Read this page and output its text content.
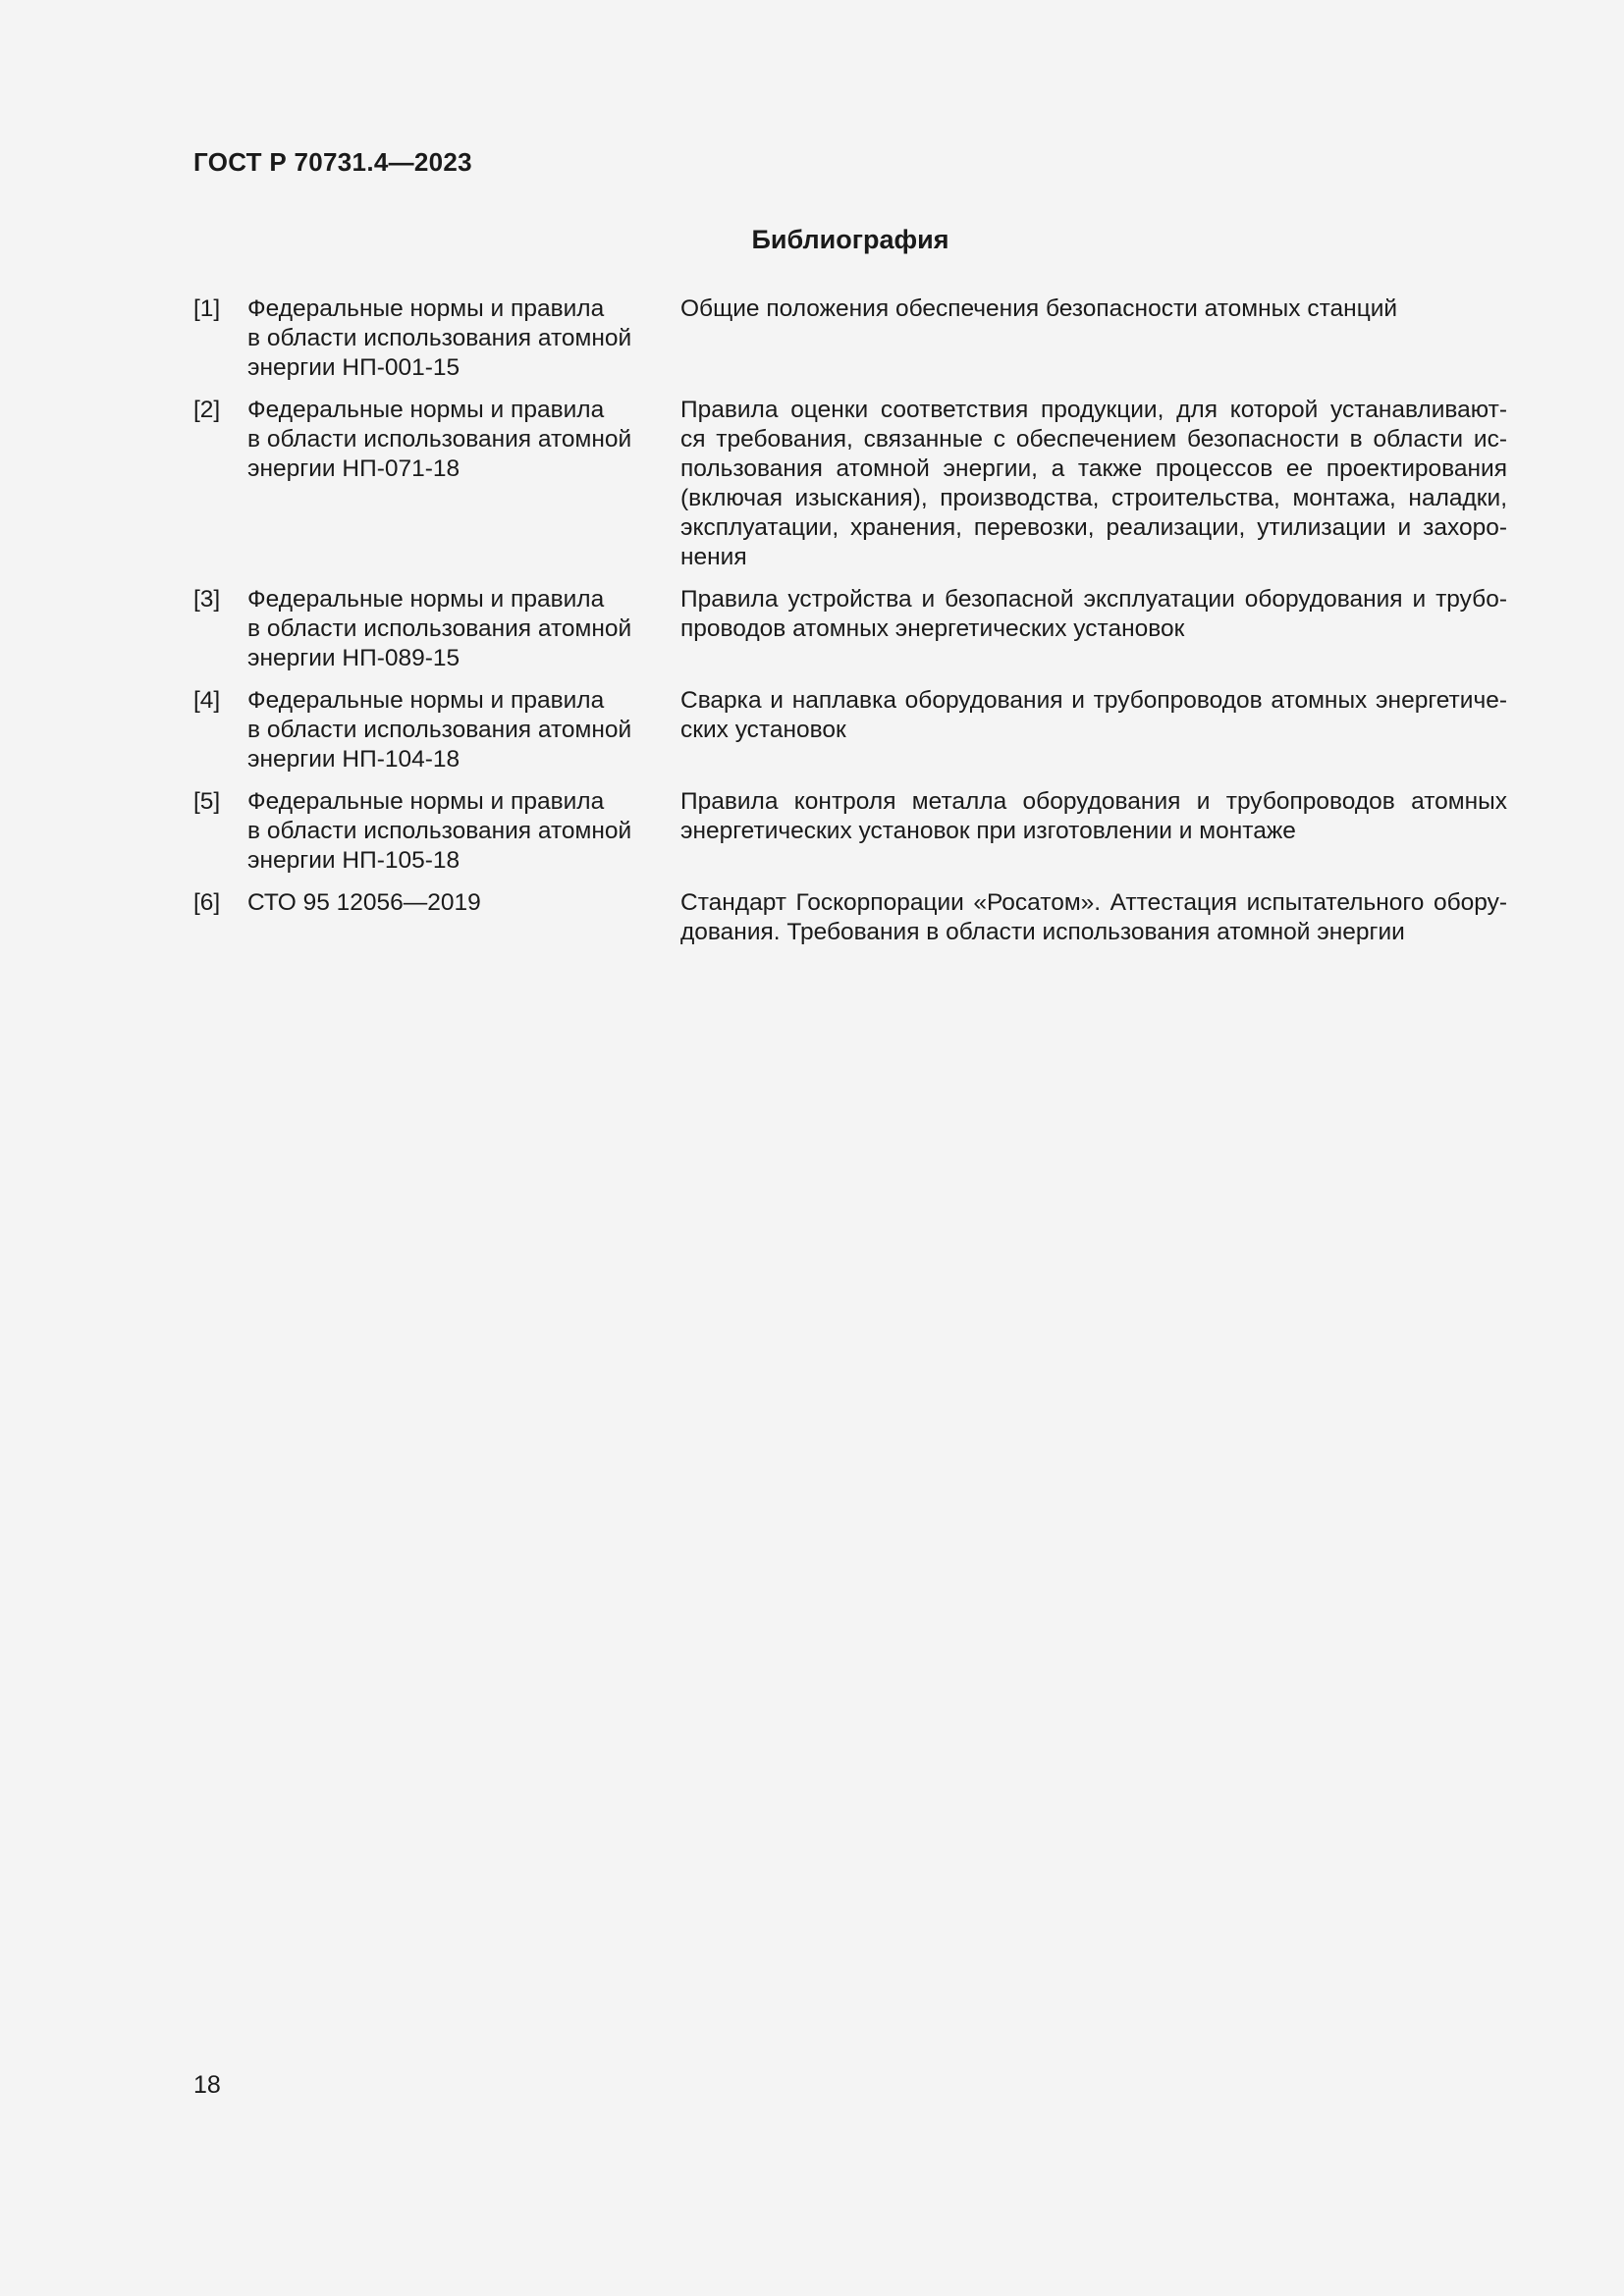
ГОСТ Р 70731.4—2023
Библиография
[1] Федеральные нормы и правила
в области использования атомной
энергии НП-001-15
Общие положения обеспечения безопасности атомных станций
[2] Федеральные нормы и правила
в области использования атомной
энергии НП-071-18
Правила оценки соответствия продукции, для которой устанавливают-
ся требования, связанные с обеспечением безопасности в области ис-
пользования атомной энергии, а также процессов ее проектирования
(включая изыскания), производства, строительства, монтажа, наладки,
эксплуатации, хранения, перевозки, реализации, утилизации и захоро-
нения
[3] Федеральные нормы и правила
в области использования атомной
энергии НП-089-15
Правила устройства и безопасной эксплуатации оборудования и трубо-
проводов атомных энергетических установок
[4] Федеральные нормы и правила
в области использования атомной
энергии НП-104-18
Сварка и наплавка оборудования и трубопроводов атомных энергетиче-
ских установок
[5] Федеральные нормы и правила
в области использования атомной
энергии НП-105-18
Правила контроля металла оборудования и трубопроводов атомных
энергетических установок при изготовлении и монтаже
[6] СТО 95 12056—2019	Стандарт Госкорпорации «Росатом». Аттестация испытательного обору-
дования. Требования в области использования атомной энергии
18
